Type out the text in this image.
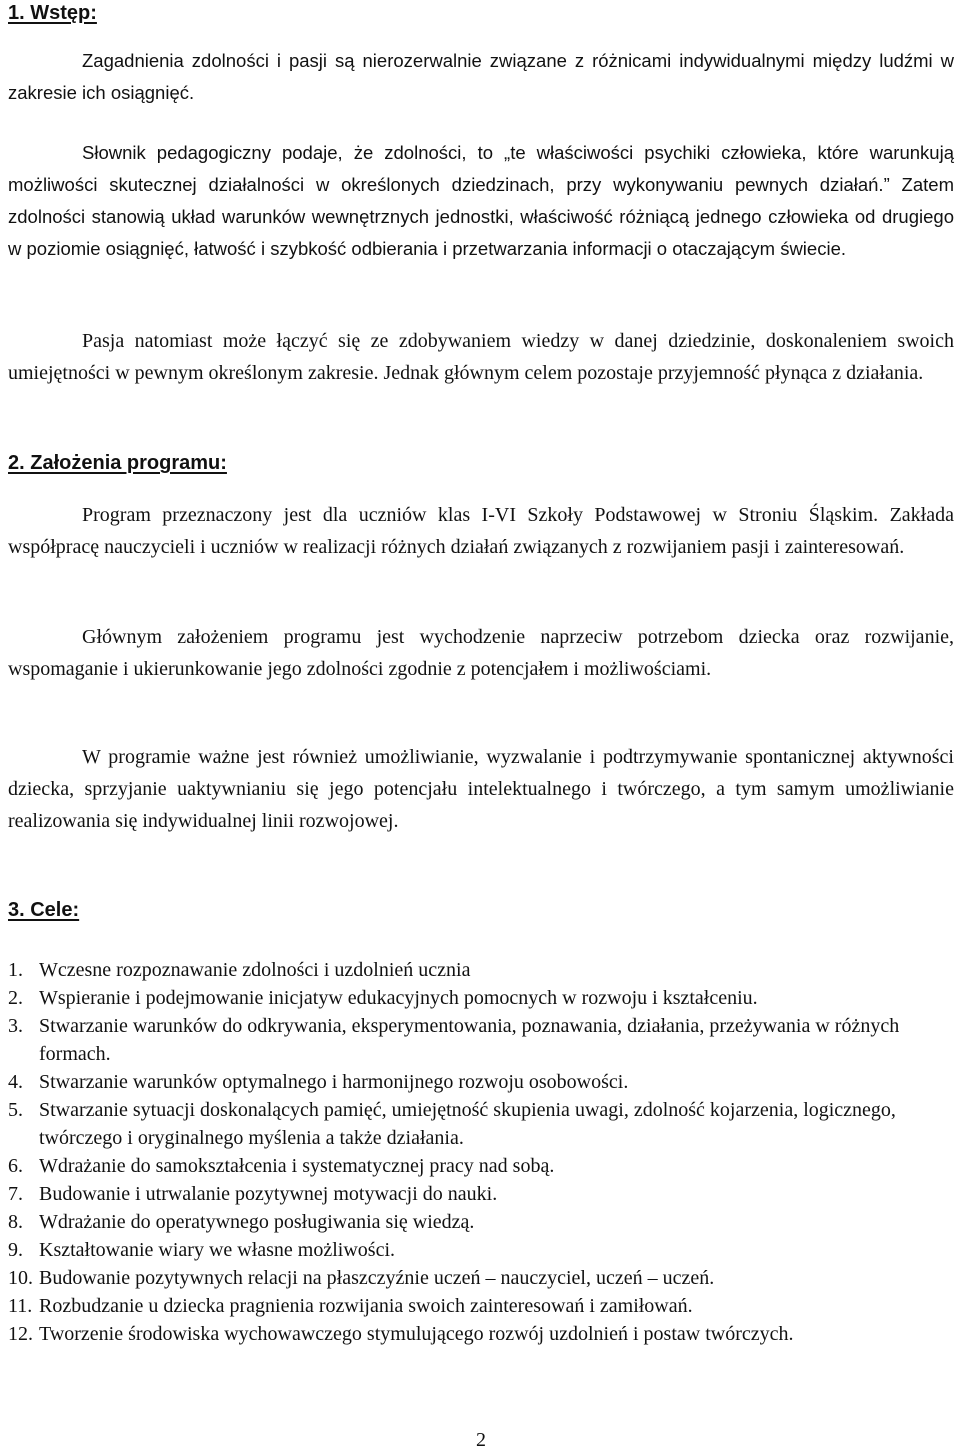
1. Wstęp:

Zagadnienia zdolności i pasji są nierozerwalnie związane z różnicami indywidualnymi między ludźmi w zakresie ich osiągnięć.

Słownik pedagogiczny podaje, że zdolności, to „te właściwości psychiki człowieka, które warunkują możliwości skutecznej działalności w określonych dziedzinach, przy wykonywaniu pewnych działań.” Zatem zdolności stanowią układ warunków wewnętrznych jednostki, właściwość różniącą jednego człowieka od drugiego w poziomie osiągnięć, łatwość i szybkość odbierania i przetwarzania informacji o otaczającym świecie.

Pasja natomiast może łączyć się ze zdobywaniem wiedzy w danej dziedzinie, doskonaleniem swoich umiejętności w pewnym określonym zakresie. Jednak głównym celem pozostaje przyjemność płynąca z działania.

2. Założenia programu:

Program przeznaczony jest dla uczniów klas I-VI Szkoły Podstawowej w Stroniu Śląskim. Zakłada współpracę nauczycieli i uczniów w realizacji różnych działań związanych z rozwijaniem pasji i zainteresowań.

Głównym założeniem programu jest wychodzenie naprzeciw potrzebom dziecka oraz rozwijanie, wspomaganie i ukierunkowanie jego zdolności zgodnie z potencjałem i możliwościami.

W programie ważne jest również umożliwianie, wyzwalanie i podtrzymywanie spontanicznej aktywności dziecka, sprzyjanie uaktywnianiu się jego potencjału intelektualnego i twórczego, a tym samym umożliwianie realizowania się indywidualnej linii rozwojowej.

3. Cele:
1. Wczesne rozpoznawanie zdolności i uzdolnień ucznia
2. Wspieranie i podejmowanie inicjatyw edukacyjnych pomocnych w rozwoju i kształceniu.
3. Stwarzanie warunków do odkrywania, eksperymentowania, poznawania, działania, przeżywania w różnych formach.
4. Stwarzanie warunków optymalnego i harmonijnego rozwoju osobowości.
5. Stwarzanie sytuacji doskonalących pamięć, umiejętność skupienia uwagi, zdolność kojarzenia, logicznego, twórczego i oryginalnego myślenia a także działania.
6. Wdrażanie do samokształcenia i systematycznej pracy nad sobą.
7. Budowanie i utrwalanie pozytywnej motywacji do nauki.
8. Wdrażanie do operatywnego posługiwania się wiedzą.
9. Kształtowanie wiary we własne możliwości.
10. Budowanie pozytywnych relacji na płaszczyźnie uczeń – nauczyciel, uczeń – uczeń.
11. Rozbudzanie u dziecka pragnienia rozwijania swoich zainteresowań i zamiłowań.
12. Tworzenie środowiska wychowawczego stymulującego rozwój uzdolnień i postaw twórczych.
2
